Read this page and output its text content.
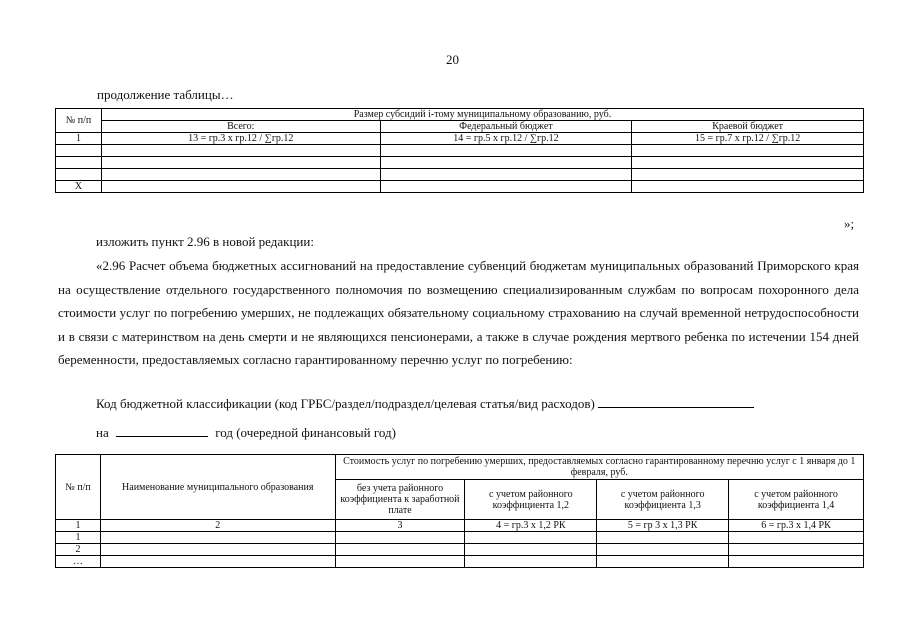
20
продолжение таблицы…
№ п/п	Размер субсидий i-тому муниципальному образованию, руб.		
	Всего:	Федеральный бюджет	Краевой бюджет
1	13 = гр.3 х гр.12 / ∑гр.12	14 = гр.5 х гр.12 / ∑гр.12	15 = гр.7 х гр.12 / ∑гр.12

Х			
»;
изложить пункт 2.96 в новой редакции:
«2.96 Расчет объема бюджетных ассигнований на предоставление субвенций бюджетам муниципальных образований Приморского края на осуществление отдельного государственного полномочия по возмещению специализированным службам по вопросам похоронного дела стоимости услуг по погребению умерших, не подлежащих обязательному социальному страхованию на случай временной нетрудоспособности и в связи с материнством на день смерти и не являющихся пенсионерами, а также в случае рождения мертвого ребенка по истечении 154 дней беременности, предоставляемых согласно гарантированному перечню услуг по погребению:
Код бюджетной классификации (код ГРБС/раздел/подраздел/целевая статья/вид расходов)
на	год (очередной финансовый год)
№ п/п	Наименование муниципального образования	Стоимость услуг по погребению умерших, предоставляемых согласно гарантированному перечню услуг с 1 января до 1 февраля, руб.			
		без учета районного коэффициента к заработной плате	с учетом районного коэффициента 1,2	с учетом районного коэффициента 1,3	с учетом районного коэффициента 1,4
1	2	3	4 = гр.3 х 1,2 РК	5 = гр 3 х 1,3 РК	6 = гр.3 х 1,4 РК
1					
2					
…					
